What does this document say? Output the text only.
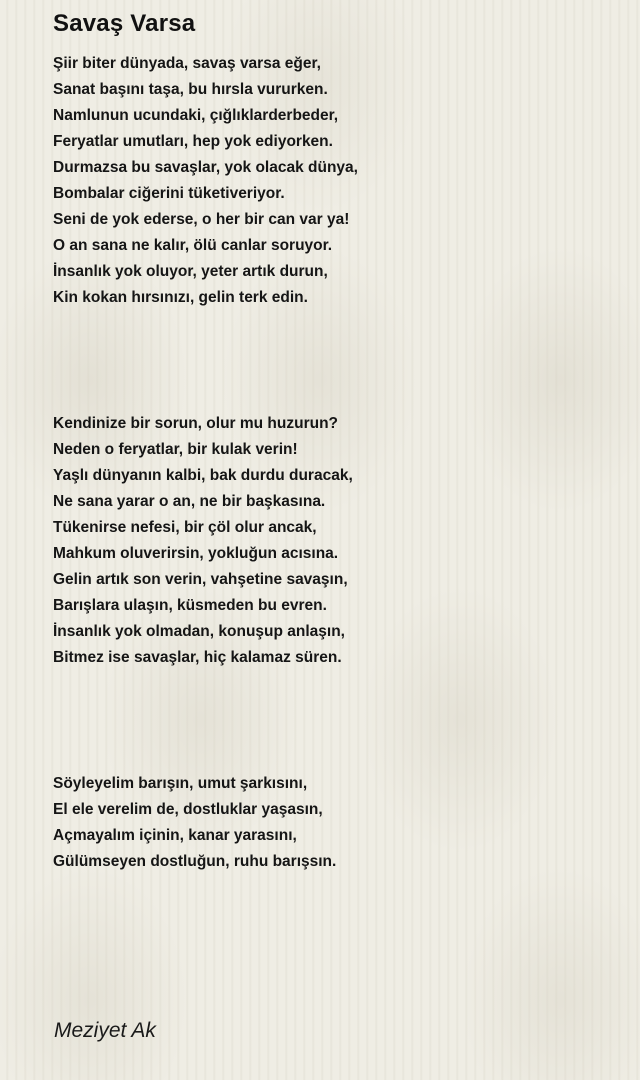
Savaş Varsa
Şiir biter dünyada, savaş varsa eğer,
Sanat başını taşa, bu hırsla vururken.
Namlunun ucundaki, çığlıklarderbeder,
Feryatlar umutları, hep yok ediyorken.
Durmazsa bu savaşlar, yok olacak dünya,
Bombalar ciğerini tüketiveriyor.
Seni de yok ederse, o her bir can var ya!
O an sana ne kalır, ölü canlar soruyor.
İnsanlık yok oluyor, yeter artık durun,
Kin kokan hırsınızı, gelin terk edin.
Kendinize bir sorun, olur mu huzurun?
Neden o feryatlar, bir kulak verin!
Yaşlı dünyanın kalbi, bak durdu duracak,
Ne sana yarar o an, ne bir başkasına.
Tükenirse nefesi, bir çöl olur ancak,
Mahkum oluverirsin, yokluğun acısına.
Gelin artık son verin, vahşetine savaşın,
Barışlara ulaşın, küsmeden bu evren.
İnsanlık yok olmadan, konuşup anlaşın,
Bitmez ise savaşlar, hiç kalamaz süren.
Söyleyelim barışın, umut şarkısını,
El ele verelim de, dostluklar yaşasın,
Açmayalım içinin, kanar yarasını,
Gülümseyen dostluğun, ruhu barışsın.
Meziyet Ak
